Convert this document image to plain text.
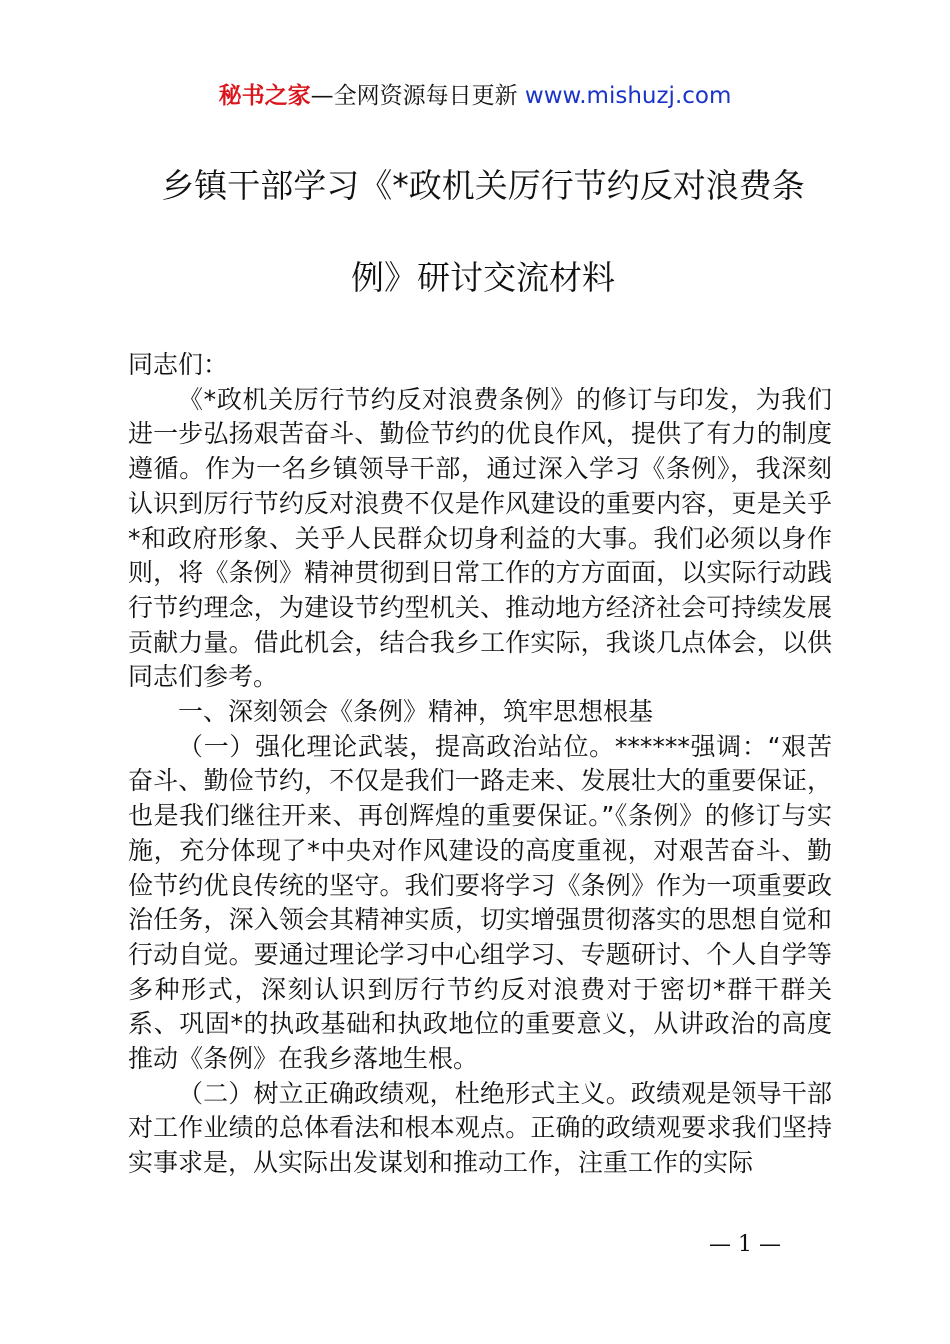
秘书之家—全网资源每日更新 www.mishuzj.com
乡镇干部学习《*政机关厉行节约反对浪费条
例》研讨交流材料

同志们：

《*政机关厉行节约反对浪费条例》的修订与印发，为我们进一步弘扬艰苦奋斗、勤俭节约的优良作风，提供了有力的制度遵循。作为一名乡镇领导干部，通过深入学习《条例》，我深刻认识到厉行节约反对浪费不仅是作风建设的重要内容，更是关乎*和政府形象、关乎人民群众切身利益的大事。我们必须以身作则，将《条例》精神贯彻到日常工作的方方面面，以实际行动践行节约理念，为建设节约型机关、推动地方经济社会可持续发展贡献力量。借此机会，结合我乡工作实际，我谈几点体会，以供同志们参考。

一、深刻领会《条例》精神，筑牢思想根基

（一）强化理论武装，提高政治站位。******强调：“艰苦奋斗、勤俭节约，不仅是我们一路走来、发展壮大的重要保证，也是我们继往开来、再创辉煌的重要保证。”《条例》的修订与实施，充分体现了*中央对作风建设的高度重视，对艰苦奋斗、勤俭节约优良传统的坚守。我们要将学习《条例》作为一项重要政治任务，深入领会其精神实质，切实增强贯彻落实的思想自觉和行动自觉。要通过理论学习中心组学习、专题研讨、个人自学等多种形式，深刻认识到厉行节约反对浪费对于密切*群干群关系、巩固*的执政基础和执政地位的重要意义，从讲政治的高度推动《条例》在我乡落地生根。

（二）树立正确政绩观，杜绝形式主义。政绩观是领导干部对工作业绩的总体看法和根本观点。正确的政绩观要求我们坚持实事求是，从实际出发谋划和推动工作，注重工作的实际

— 1 —
